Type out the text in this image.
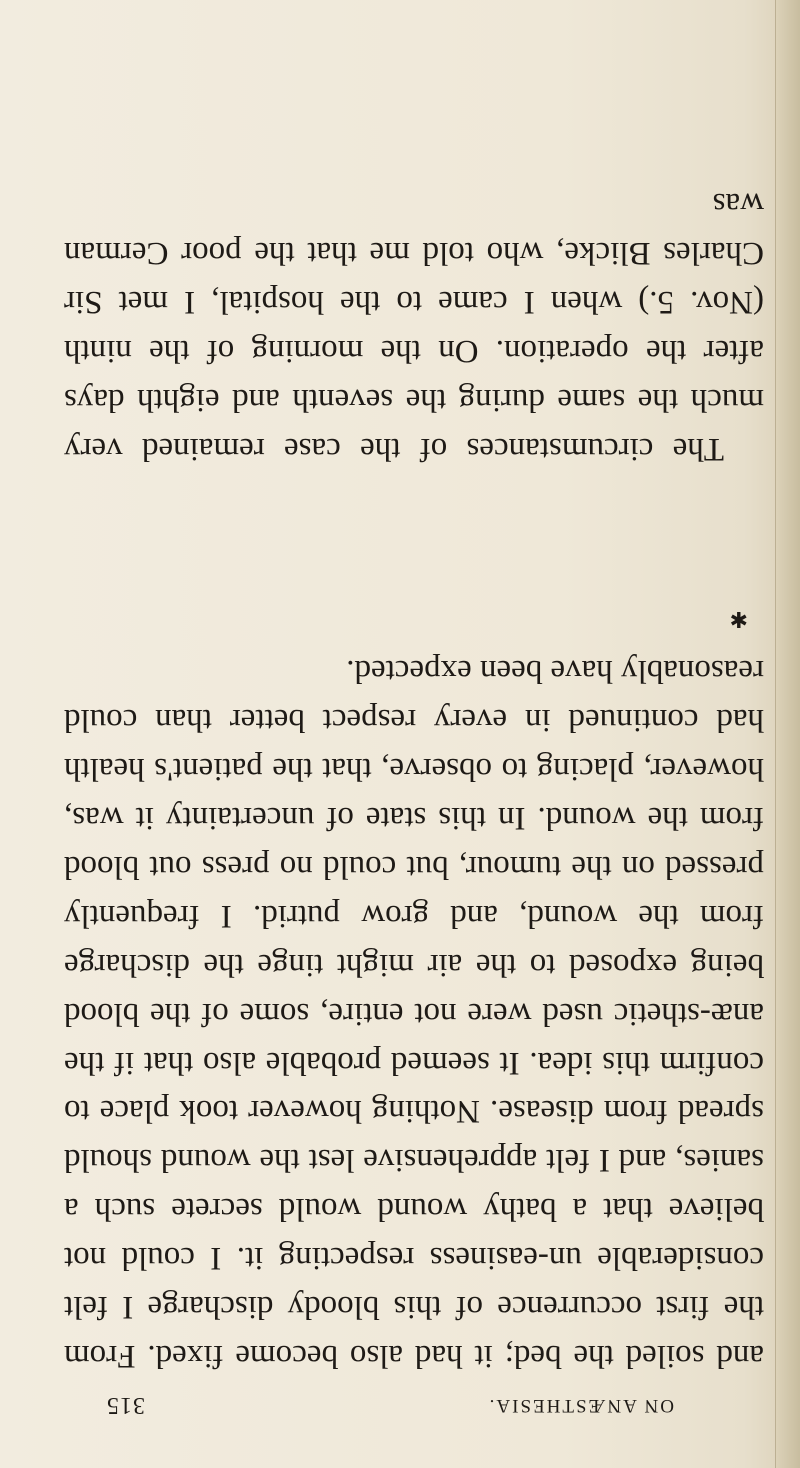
ON ANÆSTHESIA.
315

and soiled the bed; it had also become fixed. From the first occurrence of this bloody discharge I felt considerable un-easiness respecting it. I could not believe that a bathy wound would secrete such a sanies, and I felt apprehensive lest the wound should spread from disease. Nothing however took place to confirm this idea. It seemed probable also that if the anæ-sthetic used were not entire, some of the blood being exposed to the air might tinge the discharge from the wound, and grow putrid. I frequently pressed on the tumour, but could no press out blood from the wound. In this state of uncertainty it was, however, placing to observe, that the patient's health had continued in every respect better than could reasonably have been expected.

The circumstances of the case remained very much the same during the seventh and eighth days after the operation. On the morning of the ninth (Nov. 5.) when I came to the hospital, I met Sir Charles Blicke, who told me that the poor Cerman was

✱
